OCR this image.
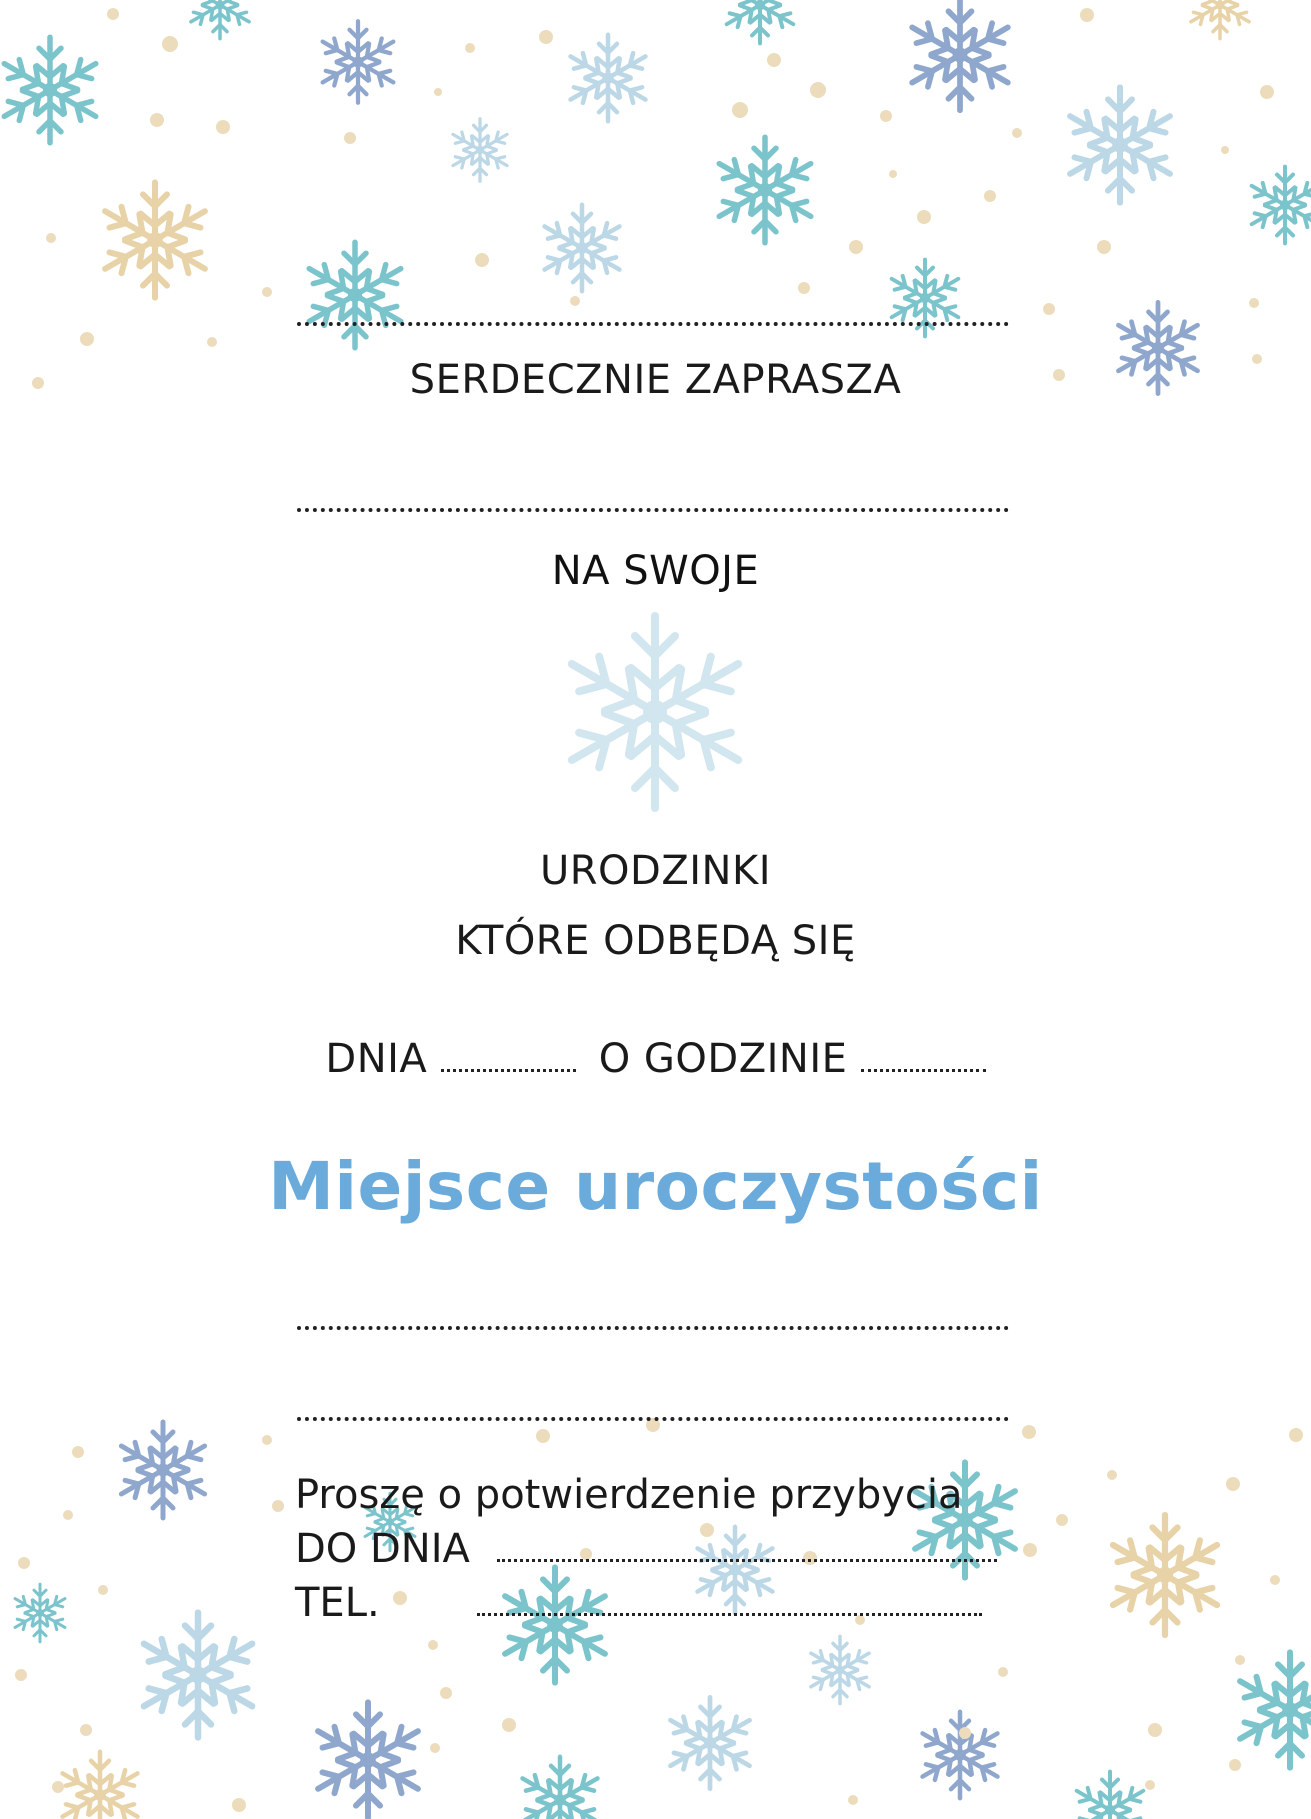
SERDECZNIE ZAPRASZA
NA SWOJE
URODZINKI
KTÓRE ODBĘDĄ SIĘ
DNIA	O GODZINIE
Miejsce uroczystości
Proszę o potwierdzenie przybycia
DO DNIA
TEL.
